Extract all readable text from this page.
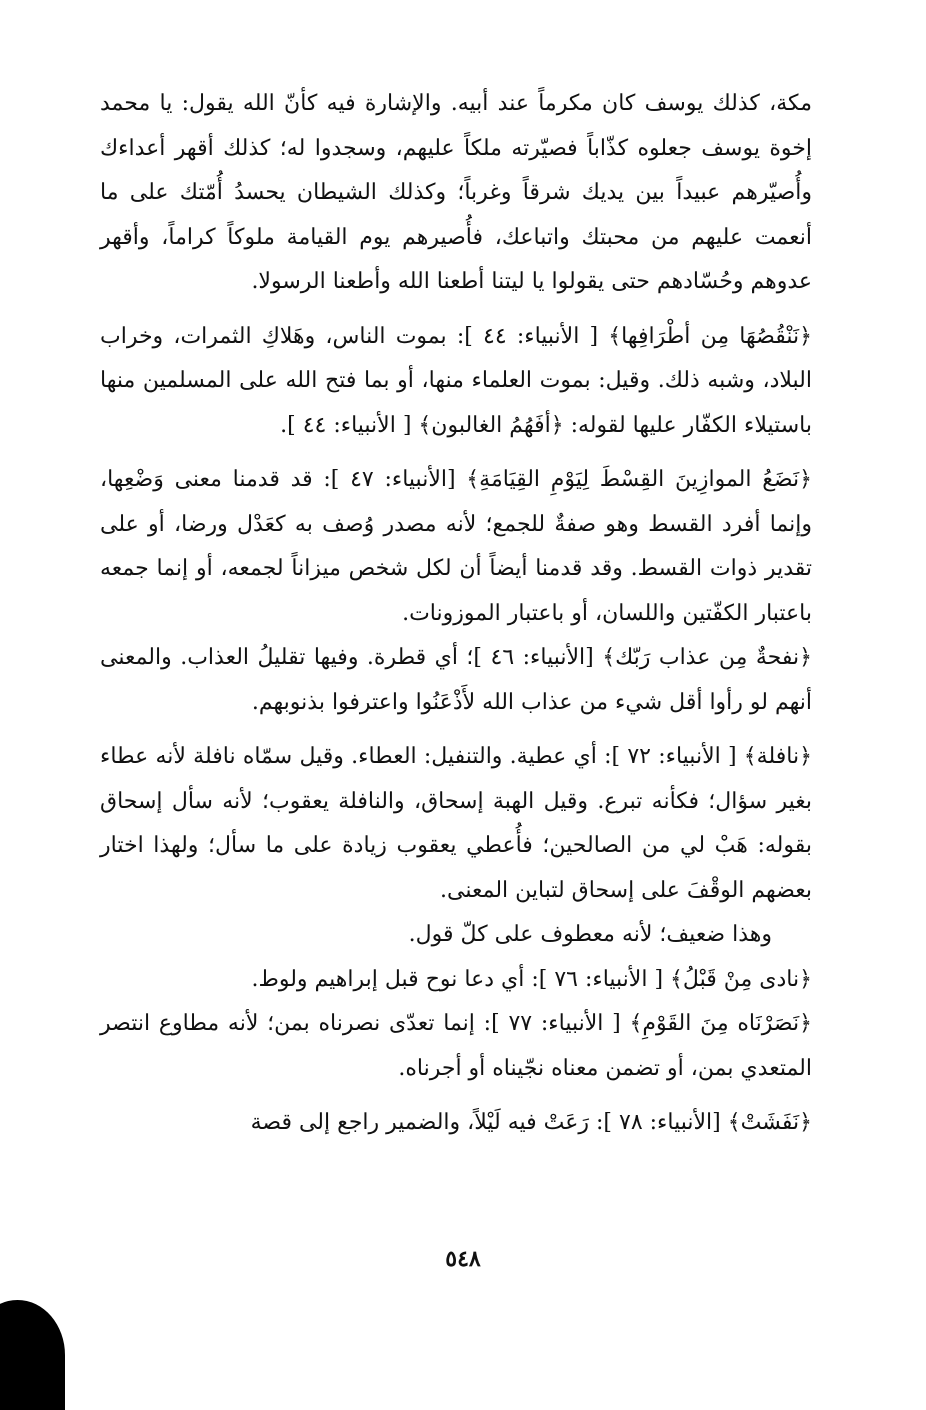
مكة، كذلك يوسف كان مكرماً عند أبيه. والإشارة فيه كأنّ الله يقول: يا محمد إخوة يوسف جعلوه كذّاباً فصيّرته ملكاً عليهم، وسجدوا له؛ كذلك أقهر أعداءك وأُصيّرهم عبيداً بين يديك شرقاً وغرباً؛ وكذلك الشيطان يحسدُ أُمّتك على ما أنعمت عليهم من محبتك واتباعك، فأُصيرهم يوم القيامة ملوكاً كراماً، وأقهر عدوهم وحُسّادهم حتى يقولوا يا ليتنا أطعنا الله وأطعنا الرسولا.

﴿نَنْقُصُهَا مِن أطْرَافِها﴾ [ الأنبياء: ٤٤ ]: بموت الناس، وهَلاكِ الثمرات، وخراب البلاد، وشبه ذلك. وقيل: بموت العلماء منها، أو بما فتح الله على المسلمين منها باستيلاء الكفّار عليها لقوله: ﴿أفَهُمُ الغالبون﴾ [ الأنبياء: ٤٤ ].

﴿نَضَعُ الموازِينَ القِسْطَ لِيَوْمِ القِيَامَةِ﴾ [الأنبياء: ٤٧ ]: قد قدمنا معنى وَضْعِها، وإنما أفرد القسط وهو صفةٌ للجمع؛ لأنه مصدر وُصف به كعَدْل ورضا، أو على تقدير ذوات القسط. وقد قدمنا أيضاً أن لكل شخص ميزاناً لجمعه، أو إنما جمعه باعتبار الكفّتين واللسان، أو باعتبار الموزونات.

﴿نفحةٌ مِن عذاب رَبّك﴾ [الأنبياء: ٤٦ ]؛ أي قطرة. وفيها تقليلُ العذاب. والمعنى أنهم لو رأوا أقل شيء من عذاب الله لأَذْعَنُوا واعترفوا بذنوبهم.

﴿نافلة﴾ [ الأنبياء: ٧٢ ]: أي عطية. والتنفيل: العطاء. وقيل سمّاه نافلة لأنه عطاء بغير سؤال؛ فكأنه تبرع. وقيل الهبة إسحاق، والنافلة يعقوب؛ لأنه سأل إسحاق بقوله: هَبْ لي من الصالحين؛ فأُعطي يعقوب زيادة على ما سأل؛ ولهذا اختار بعضهم الوقْفَ على إسحاق لتباين المعنى.

وهذا ضعيف؛ لأنه معطوف على كلّ قول.

﴿نادى مِنْ قَبْلُ﴾ [ الأنبياء: ٧٦ ]: أي دعا نوح قبل إبراهيم ولوط.

﴿نَصَرْنَاه مِنَ القَوْمِ﴾ [ الأنبياء: ٧٧ ]: إنما تعدّى نصرناه بمن؛ لأنه مطاوع انتصر المتعدي بمن، أو تضمن معناه نجّيناه أو أجرناه.

﴿نَفَشَتْ﴾ [الأنبياء: ٧٨ ]: رَعَتْ فيه لَيْلاً، والضمير راجع إلى قصة

٥٤٨
